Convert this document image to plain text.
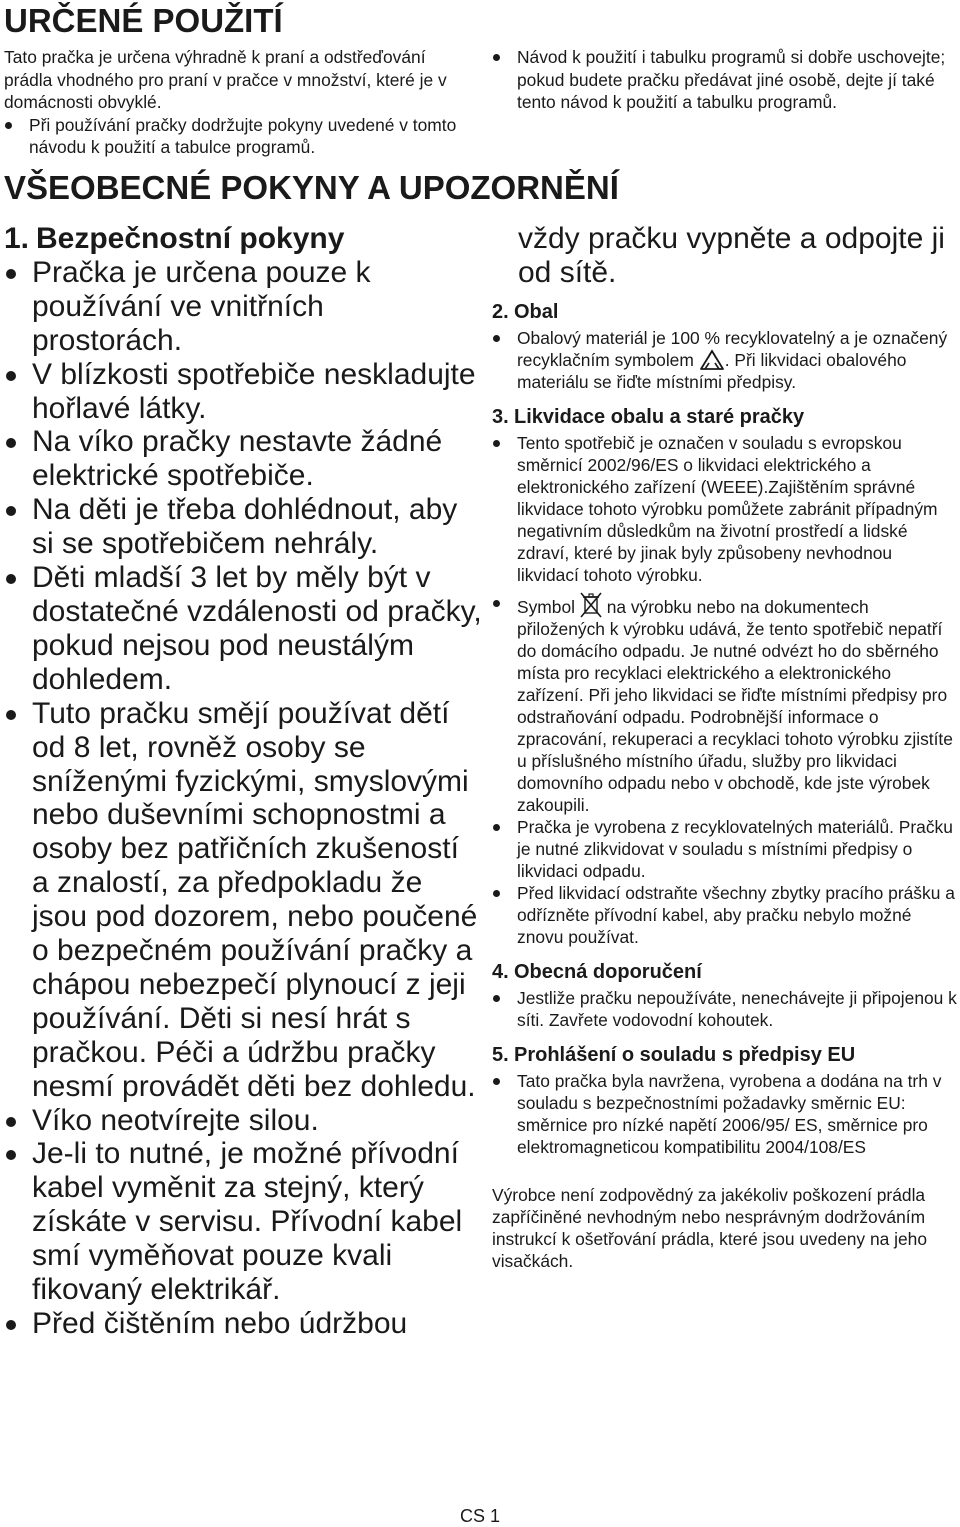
URČENÉ POUŽITÍ

Tato pračka je určena výhradně k praní a odstřeďování prádla vhodného pro praní v pračce v množství, které je v domácnosti obvyklé.

Při používání pračky dodržujte pokyny uvedené v tomto návodu k použití a tabulce programů.
Návod k použití i tabulku programů si dobře uschovejte; pokud budete pračku předávat jiné osobě, dejte jí také tento návod k použití a tabulku programů.
VŠEOBECNÉ POKYNY A UPOZORNĚNÍ
1. Bezpečnostní pokyny
Pračka je určena pouze k používání ve vnitřních prostorách.
V blízkosti spotřebiče neskladujte hořlavé látky.
Na víko pračky nestavte žádné elektrické spotřebiče.
Na děti je třeba dohlédnout, aby si se spotřebičem nehrály.
Děti mladší 3 let by měly být v dostatečné vzdálenosti od pračky, pokud nejsou pod neustálým dohledem.
Tuto pračku smějí používat dětí od 8 let, rovněž osoby se sníženými fyzickými, smyslovými nebo duševními schopnostmi a osoby bez patřičních zkušeností a znalostí, za předpokladu že jsou pod dozorem, nebo poučené o bezpečném používání pračky a chápou nebezpečí plynoucí z jeji používání. Děti si nesí hrát s pračkou. Péči a údržbu pračky nesmí provádět děti bez dohledu.
Víko neotvírejte silou.
Je-li to nutné, je možné přívodní kabel vyměnit za stejný, který získáte v servisu. Přívodní kabel smí vyměňovat pouze kvali fikovaný elektrikář.
Před čištěním nebo údržbou
vždy pračku vypněte a odpojte ji od sítě.
2. Obal
Obalový materiál je 100 % recyklovatelný a je označený recyklačním symbolem . Při likvidaci obalového materiálu se řiďte místními předpisy.
3. Likvidace obalu a staré pračky
Tento spotřebič je označen v souladu s evropskou směrnicí 2002/96/ES o likvidaci elektrického a elektronického zařízení (WEEE).Zajištěním správné likvidace tohoto výrobku pomůžete zabránit případným negativním důsledkům na životní prostředí a lidské zdraví, které by jinak byly způsobeny nevhodnou likvidací tohoto výrobku.
Symbol na výrobku nebo na dokumentech přiložených k výrobku udává, že tento spotřebič nepatří do domácího odpadu. Je nutné odvézt ho do sběrného místa pro recyklaci elektrického a elektronického zařízení. Při jeho likvidaci se řiďte místními předpisy pro odstraňování odpadu. Podrobnější informace o zpracování, rekuperaci a recyklaci tohoto výrobku zjistíte u příslušného místního úřadu, služby pro likvidaci domovního odpadu nebo v obchodě, kde jste výrobek zakoupili.
Pračka je vyrobena z recyklovatelných materiálů. Pračku je nutné zlikvidovat v souladu s místními předpisy o likvidaci odpadu.
Před likvidací odstraňte všechny zbytky pracího prášku a odřízněte přívodní kabel, aby pračku nebylo možné znovu používat.
4. Obecná doporučení
Jestliže pračku nepoužíváte, nenechávejte ji připojenou k síti. Zavřete vodovodní kohoutek.
5. Prohlášení o souladu s předpisy EU
Tato pračka byla navržena, vyrobena a dodána na trh v souladu s bezpečnostními požadavky směrnic EU: směrnice pro nízké napětí 2006/95/ ES, směrnice pro elektromagneticou kompatibilitu 2004/108/ES

Výrobce není zodpovědný za jakékoliv poškození prádla zapříčiněné nevhodným nebo nesprávným dodržováním instrukcí k ošetřování prádla, které jsou uvedeny na jeho visačkách.

CS 1
